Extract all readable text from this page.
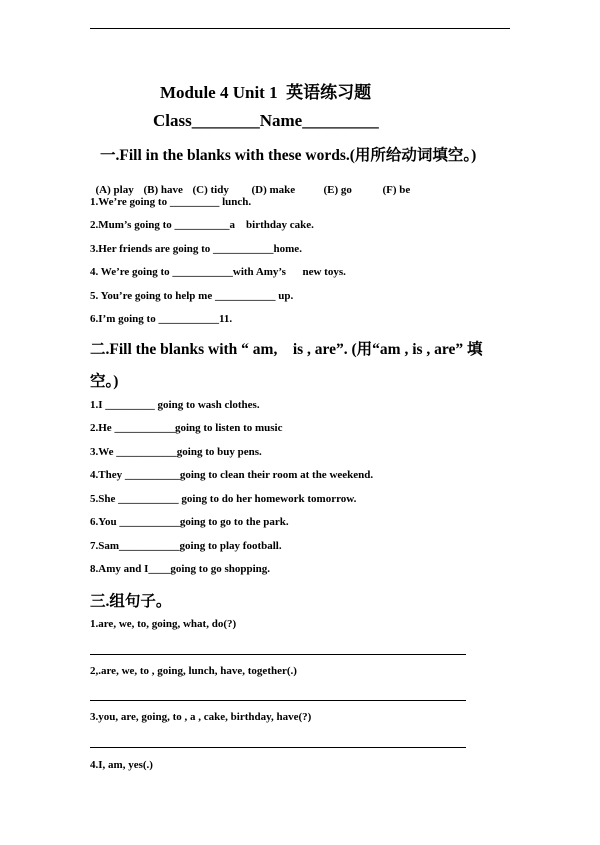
Module 4 Unit 1  英语练习题
Class________Name_________
一.Fill in the blanks with these words.(用所给动词填空。)

(A) play (B) have (C) tidy (D) make	(E) go	(F) be

1.We’re going to _________ lunch.
2.Mum’s going to __________a    birthday cake.
3.Her friends are going to ___________home.
4. We’re going to ___________with Amy’s      new toys.
5. You’re going to help me ___________ up.
6.I’m going to ___________11.
二.Fill the blanks with “ am,    is , are”. (用“am , is , are” 填
空。)
1.I _________ going to wash clothes.
2.He ___________going to listen to music
3.We ___________going to buy pens.
4.They __________going to clean their room at the weekend.
5.She ___________ going to do her homework tomorrow.
6.You ___________going to go to the park.
7.Sam___________going to play football.
8.Amy and I____going to go shopping.
三.组句子。
1.are, we, to, going, what, do(?)
2,.are, we, to , going, lunch, have, together(.)
3.you, are, going, to , a , cake, birthday, have(?)
4.I, am, yes(.)
